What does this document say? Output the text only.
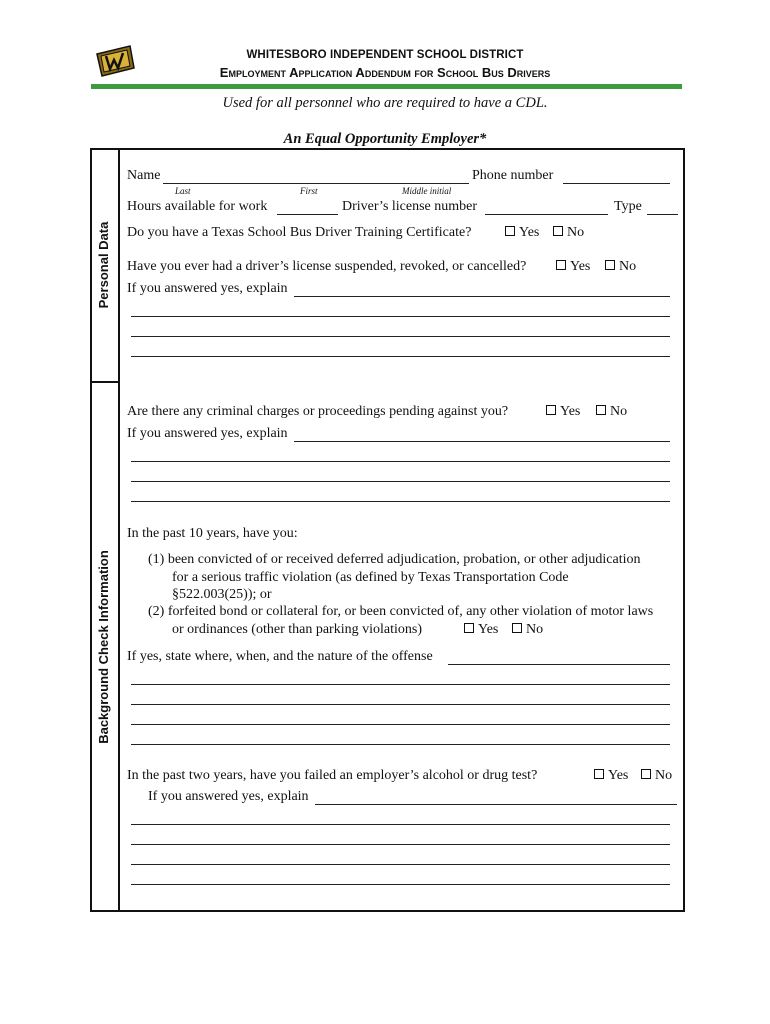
WHITESBORO INDEPENDENT SCHOOL DISTRICT
Employment Application Addendum for School Bus Drivers
Used for all personnel who are required to have a CDL.
An Equal Opportunity Employer*
Personal Data
Background Check Information
Name	Phone number
Last	First	Middle initial
Hours available for work	Driver’s license number	Type
Do you have a Texas School Bus Driver Training Certificate?	Yes	No
Have you ever had a driver’s license suspended, revoked, or cancelled?	Yes	No
If you answered yes, explain
Are there any criminal charges or proceedings pending against you?	Yes	No
If you answered yes, explain
In the past 10 years, have you:
(1) been convicted of or received deferred adjudication, probation, or other adjudication
for a serious traffic violation (as defined by Texas Transportation Code
§522.003(25)); or
(2) forfeited bond or collateral for, or been convicted of, any other violation of motor laws
or ordinances (other than parking violations)	Yes	No
If yes, state where, when, and the nature of the offense
In the past two years, have you failed an employer’s alcohol or drug test?	Yes	No
If you answered yes, explain
